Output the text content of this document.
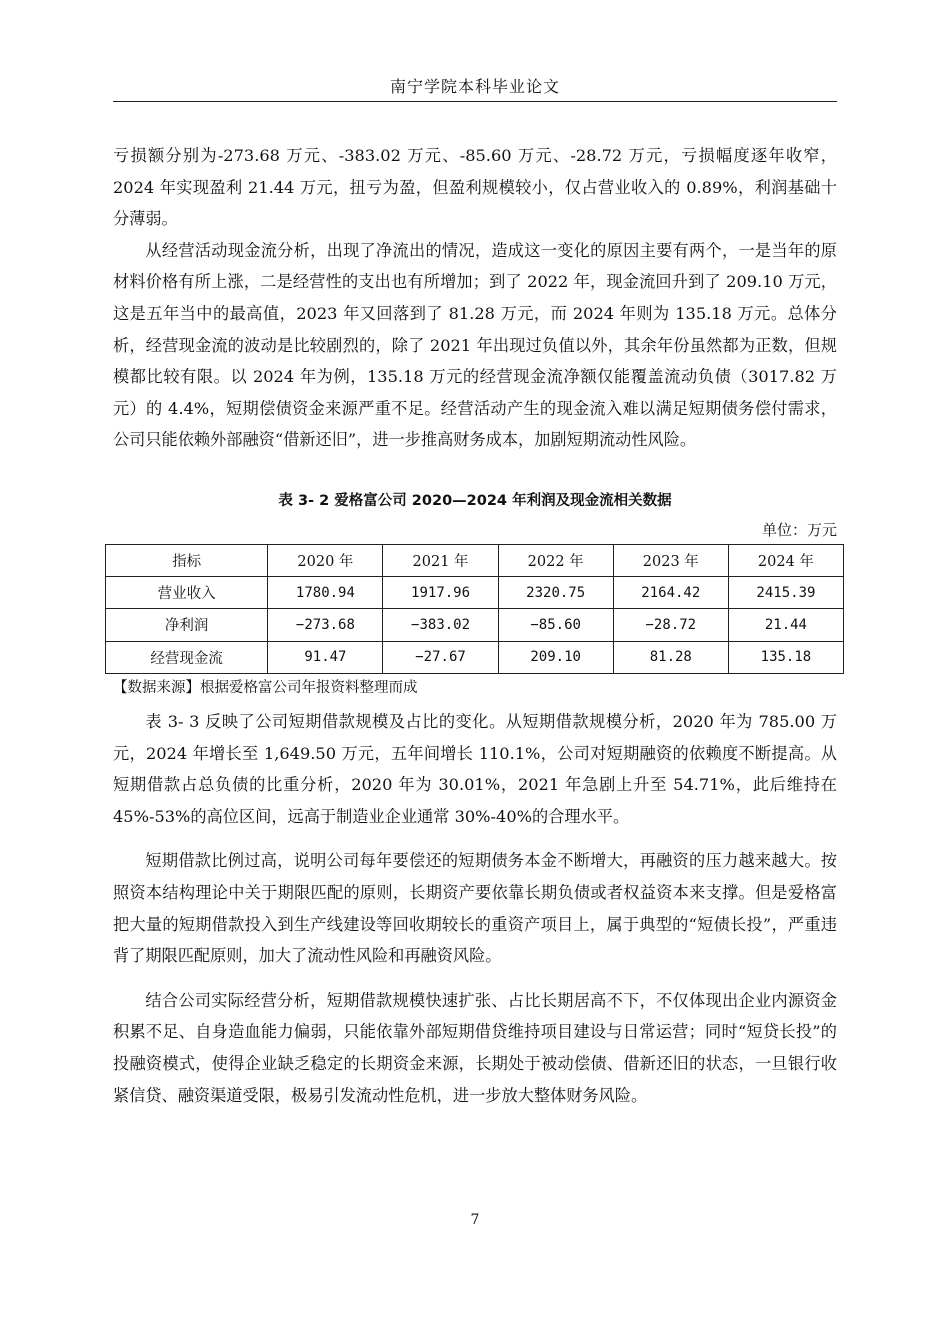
南宁学院本科毕业论文

亏损额分别为-273.68 万元、-383.02 万元、-85.60 万元、-28.72 万元，亏损幅度逐年收窄，2024 年实现盈利 21.44 万元，扭亏为盈，但盈利规模较小，仅占营业收入的 0.89%，利润基础十分薄弱。

从经营活动现金流分析，出现了净流出的情况，造成这一变化的原因主要有两个，一是当年的原材料价格有所上涨，二是经营性的支出也有所增加；到了 2022 年，现金流回升到了 209.10 万元，这是五年当中的最高值，2023 年又回落到了 81.28 万元，而 2024 年则为 135.18 万元。总体分析，经营现金流的波动是比较剧烈的，除了 2021 年出现过负值以外，其余年份虽然都为正数，但规模都比较有限。以 2024 年为例，135.18 万元的经营现金流净额仅能覆盖流动负债（3017.82 万元）的 4.4%，短期偿债资金来源严重不足。经营活动产生的现金流入难以满足短期债务偿付需求，公司只能依赖外部融资“借新还旧”，进一步推高财务成本，加剧短期流动性风险。

表 3- 2 爱格富公司 2020—2024 年利润及现金流相关数据
单位：万元
指标	2020 年	2021 年	2022 年	2023 年	2024 年
营业收入	1780.94	1917.96	2320.75	2164.42	2415.39
净利润	−273.68	−383.02	−85.60	−28.72	21.44
经营现金流	91.47	−27.67	209.10	81.28	135.18
【数据来源】根据爱格富公司年报资料整理而成

表 3- 3 反映了公司短期借款规模及占比的变化。从短期借款规模分析，2020 年为 785.00 万元，2024 年增长至 1,649.50 万元，五年间增长 110.1%，公司对短期融资的依赖度不断提高。从短期借款占总负债的比重分析，2020 年为 30.01%，2021 年急剧上升至 54.71%，此后维持在 45%-53%的高位区间，远高于制造业企业通常 30%-40%的合理水平。

短期借款比例过高，说明公司每年要偿还的短期债务本金不断增大，再融资的压力越来越大。按照资本结构理论中关于期限匹配的原则，长期资产要依靠长期负债或者权益资本来支撑。但是爱格富把大量的短期借款投入到生产线建设等回收期较长的重资产项目上，属于典型的“短债长投”，严重违背了期限匹配原则，加大了流动性风险和再融资风险。

结合公司实际经营分析，短期借款规模快速扩张、占比长期居高不下，不仅体现出企业内源资金积累不足、自身造血能力偏弱，只能依靠外部短期借贷维持项目建设与日常运营；同时“短贷长投”的投融资模式，使得企业缺乏稳定的长期资金来源，长期处于被动偿债、借新还旧的状态，一旦银行收紧信贷、融资渠道受限，极易引发流动性危机，进一步放大整体财务风险。

7
